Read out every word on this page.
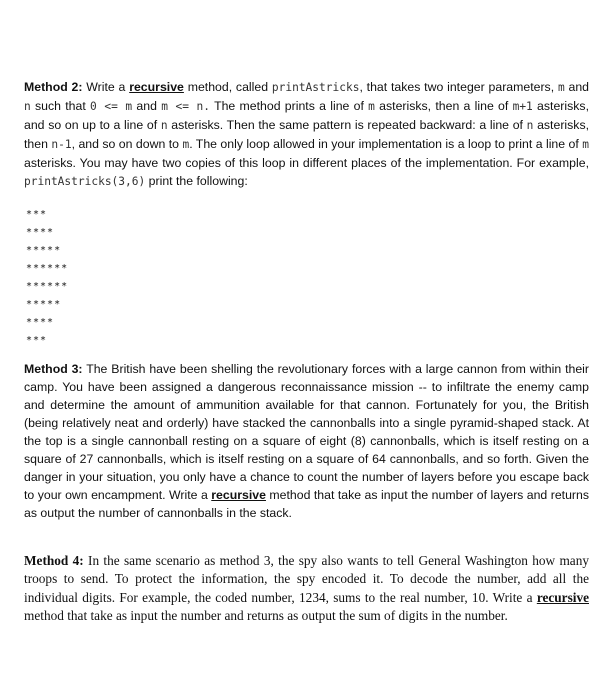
Method 2: Write a recursive method, called printAstricks, that takes two integer parameters, m and n such that 0 <= m and m <= n. The method prints a line of m asterisks, then a line of m+1 asterisks, and so on up to a line of n asterisks. Then the same pattern is repeated backward: a line of n asterisks, then n-1, and so on down to m. The only loop allowed in your implementation is a loop to print a line of m asterisks. You may have two copies of this loop in different places of the implementation. For example, printAstricks(3,6) print the following:
***
****
*****
******
******
*****
****
***
Method 3: The British have been shelling the revolutionary forces with a large cannon from within their camp. You have been assigned a dangerous reconnaissance mission -- to infiltrate the enemy camp and determine the amount of ammunition available for that cannon. Fortunately for you, the British (being relatively neat and orderly) have stacked the cannonballs into a single pyramid-shaped stack. At the top is a single cannonball resting on a square of eight (8) cannonballs, which is itself resting on a square of 27 cannonballs, which is itself resting on a square of 64 cannonballs, and so forth. Given the danger in your situation, you only have a chance to count the number of layers before you escape back to your own encampment. Write a recursive method that take as input the number of layers and returns as output the number of cannonballs in the stack.
Method 4: In the same scenario as method 3, the spy also wants to tell General Washington how many troops to send. To protect the information, the spy encoded it. To decode the number, add all the individual digits. For example, the coded number, 1234, sums to the real number, 10. Write a recursive method that take as input the number and returns as output the sum of digits in the number.
